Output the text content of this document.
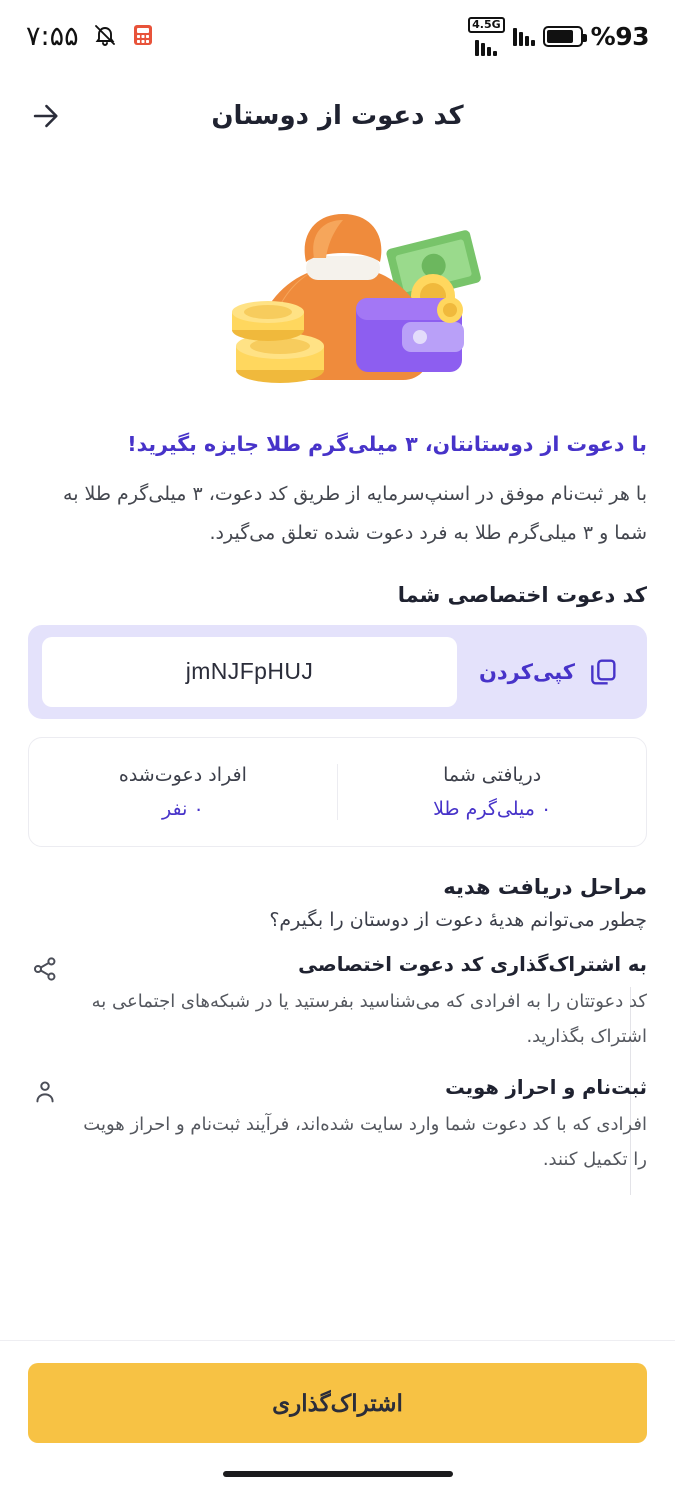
%93
4.5G
۷:۵۵
کد دعوت از دوستان
با دعوت از دوستانتان، ۳ میلی‌گرم طلا جایزه بگیرید!
با هر ثبت‌نام موفق در اسنپ‌سرمایه از طریق کد دعوت، ۳ میلی‌گرم طلا به شما و ۳ میلی‌گرم طلا به فرد دعوت شده تعلق می‌گیرد.
کد دعوت اختصاصی شما
کپی‌کردن
jmNJFpHUJ
دریافتی شما
۰ میلی‌گرم طلا
افراد دعوت‌شده
۰ نفر
مراحل دریافت هدیه
چطور می‌توانم هدیهٔ دعوت از دوستان را بگیرم؟
به اشتراک‌گذاری کد دعوت اختصاصی
کد دعوتتان را به افرادی که می‌شناسید بفرستید یا در شبکه‌های اجتماعی به اشتراک بگذارید.
ثبت‌نام و احراز هویت
افرادی که با کد دعوت شما وارد سایت شده‌اند، فرآیند ثبت‌نام و احراز هویت را تکمیل کنند.
اشتراک‌گذاری
